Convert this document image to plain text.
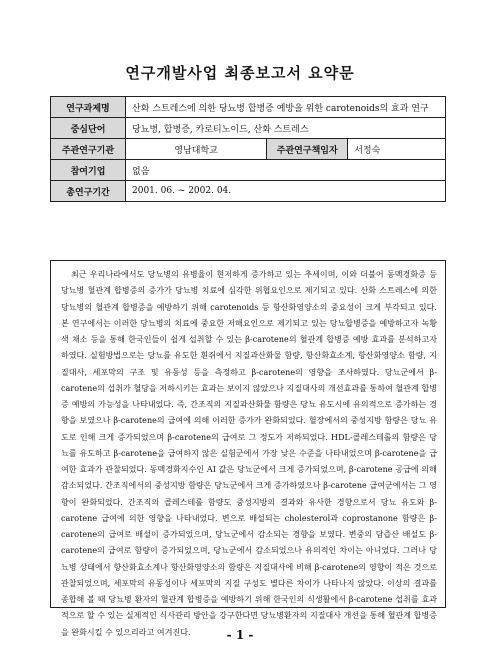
연구개발사업 최종보고서 요약문
연구과제명	산화 스트레스에 의한 당뇨병 합병증 예방을 위한 carotenoids의 효과 연구		
중심단어	당뇨병, 합병증, 카로티노이드, 산화 스트레스		
주관연구기관	영남대학교	주관연구책임자	서정숙
참여기업	없음		
총연구기간	2001. 06. ~ 2002. 04.		

최근 우리나라에서도 당뇨병의 유병율이 현저하게 증가하고 있는 추세이며, 이와 더불어 동맥경화증 등 당뇨병 혈관계 합병증의 증가가 당뇨병 치료에 심각한 위협요인으로 제기되고 있다. 산화 스트레스에 의한 당뇨병의 혈관계 합병증을 예방하기 위해 carotenoids 등 항산화영양소의 중요성이 크게 부각되고 있다. 본 연구에서는 이러한 당뇨병의 치료에 중요한 저해요인으로 제기되고 있는 당뇨합병증을 예방하고자 녹황색 채소 등을 통해 한국인들이 쉽게 섭취할 수 있는 β-carotene의 혈관계 합병증 예방 효과를 분석하고자 하였다. 실험방법으로는 당뇨를 유도한 흰쥐에서 지질과산화물 함량, 항산화효소계, 항산화영양소 함량, 지질대사, 세포막의 구조 및 유동성 등을 측정하고 β-carotene의 영향을 조사하였다. 당뇨군에서 β-carotene의 섭취가 혈당을 저하시키는 효과는 보이지 않았으나 지질대사의 개선효과를 통하여 혈관계 합병증 예방의 가능성을 나타내었다. 즉, 간조직의 지질과산화물 함량은 당뇨 유도시에 유의적으로 증가하는 경향을 보였으나 β-carotene의 급여에 의해 이러한 증가가 완화되었다. 혈장에서의 중성지방 함량은 당뇨 유도로 인해 크게 증가되었으며 β-carotene의 급여로 그 정도가 저하되었다. HDL-콜레스테롤의 함량은 당뇨를 유도하고 β-carotene을 급여하지 않은 실험군에서 가장 낮은 수준을 나타내었으며 β-carotene을 급여한 효과가 관찰되었다. 동맥경화지수인 AI 값은 당뇨군에서 크게 증가되었으며, β-carotene 공급에 의해 감소되었다. 간조직에서의 중성지방 함량은 당뇨군에서 크게 증가하였으나 β-carotene 급여군에서는 그 영향이 완화되었다. 간조직의 콜레스테롤 함량도 중성지방의 결과와 유사한 경향으로서 당뇨 유도와 β-carotene 급여에 의한 영향을 나타내었다. 변으로 배설되는 cholesterol과 coprostanone 함량은 β-carotene의 급여로 배설이 증가되었으며, 당뇨군에서 감소되는 경향을 보였다. 변중의 담즙산 배설도 β-carotene의 급여로 함량이 증가되었으며, 당뇨군에서 감소되었으나 유의적인 차이는 아니었다. 그러나 당뇨병 상태에서 항산화효소계나 항산화영양소의 함량은 지질대사에 비해 β-carotene의 영향이 적은 것으로 관찰되었으며, 세포막의 유동성이나 세포막의 지질 구성도 별다른 차이가 나타나지 않았다. 이상의 결과를 종합해 볼 때 당뇨병 환자의 혈관계 합병증을 예방하기 위해 한국인의 식생활에서 β-carotene 섭취를 효과적으로 할 수 있는 실제적인 식사관리 방안을 강구한다면 당뇨병환자의 지질대사 개선을 통해 혈관계 합병증을 완화시킬 수 있으리라고 여겨진다.	- 1 -
